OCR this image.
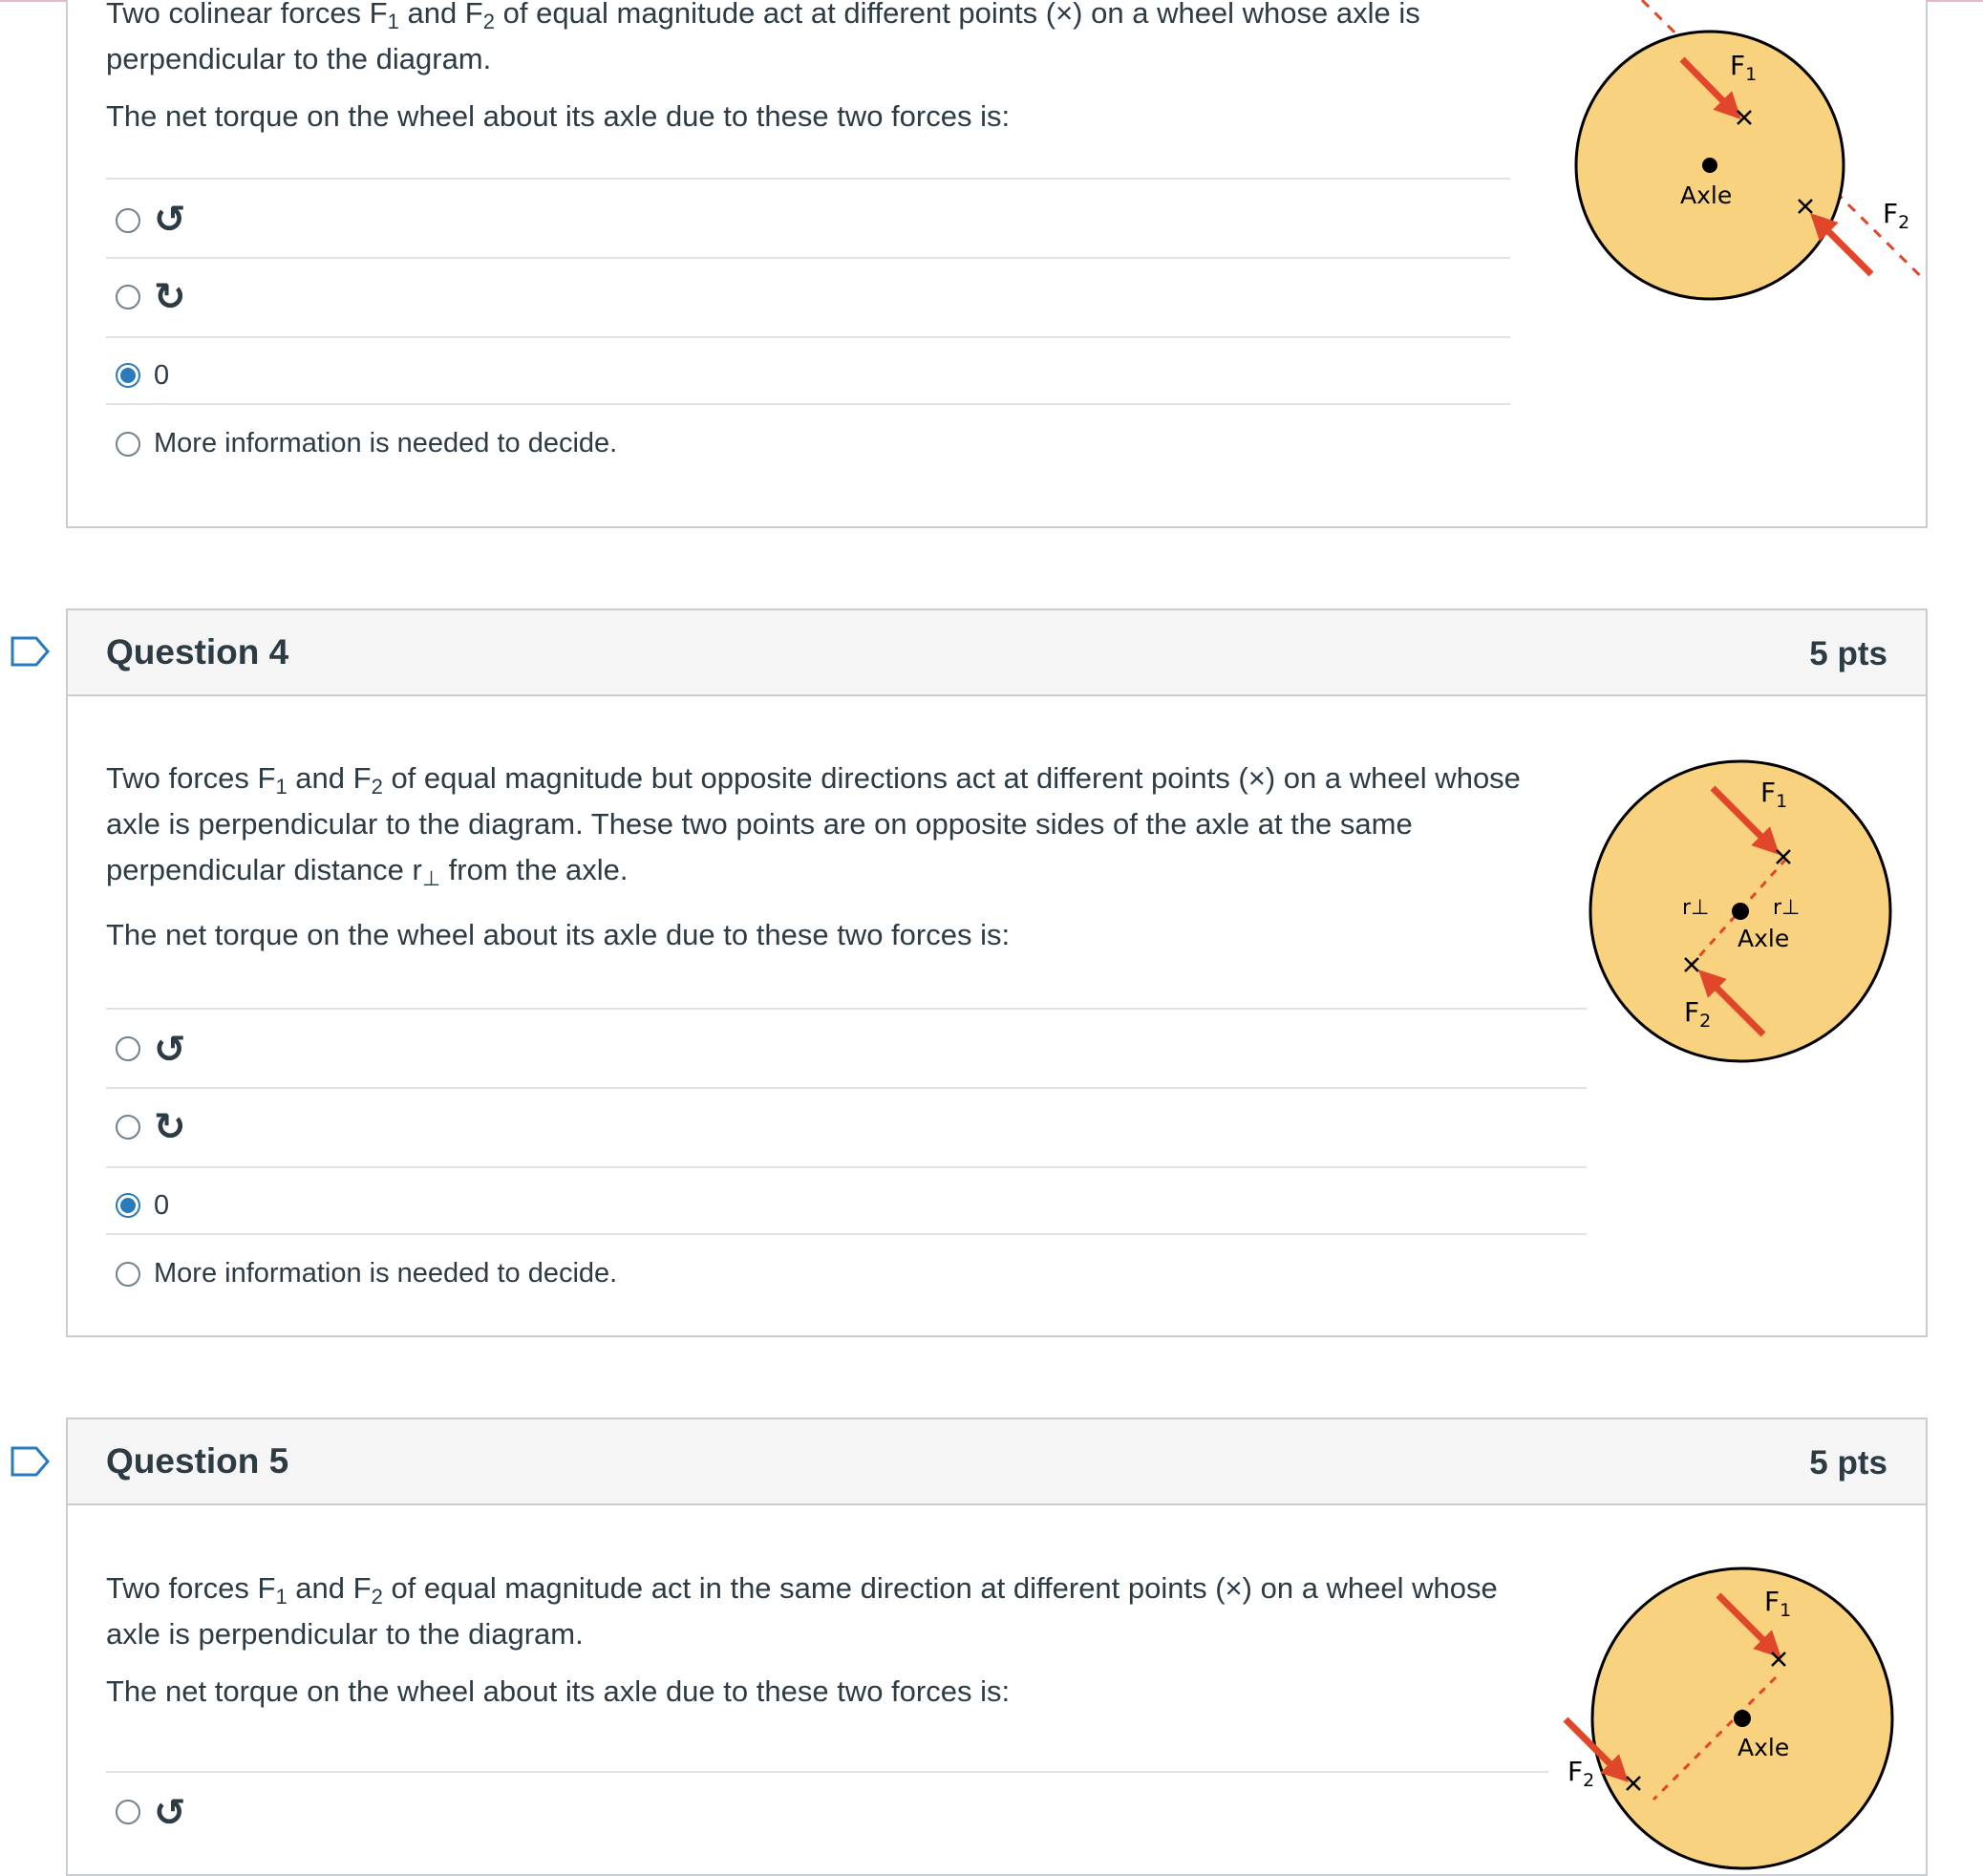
Two colinear forces $F_1$ and $F_2$ of equal magnitude act at different points (×) on a wheel whose axle is
perpendicular to the diagram.

The net torque on the wheel about its axle due to these two forces is:

↺
↻
0
More information is needed to decide.
Axle
$F_1$
$F_2$
Question 4	5 pts

Two forces $F_1$ and $F_2$ of equal magnitude but opposite directions act at different points (×) on a wheel whose
axle is perpendicular to the diagram. These two points are on opposite sides of the axle at the same
perpendicular distance $r_\perp$ from the axle.

The net torque on the wheel about its axle due to these two forces is:

↺
↻
0
More information is needed to decide.
Axle
$F_1$
$F_2$
r⊥	r⊥
Question 5	5 pts

Two forces $F_1$ and $F_2$ of equal magnitude act in the same direction at different points (×) on a wheel whose
axle is perpendicular to the diagram.

The net torque on the wheel about its axle due to these two forces is:

↺
Axle
$F_1$
$F_2$
